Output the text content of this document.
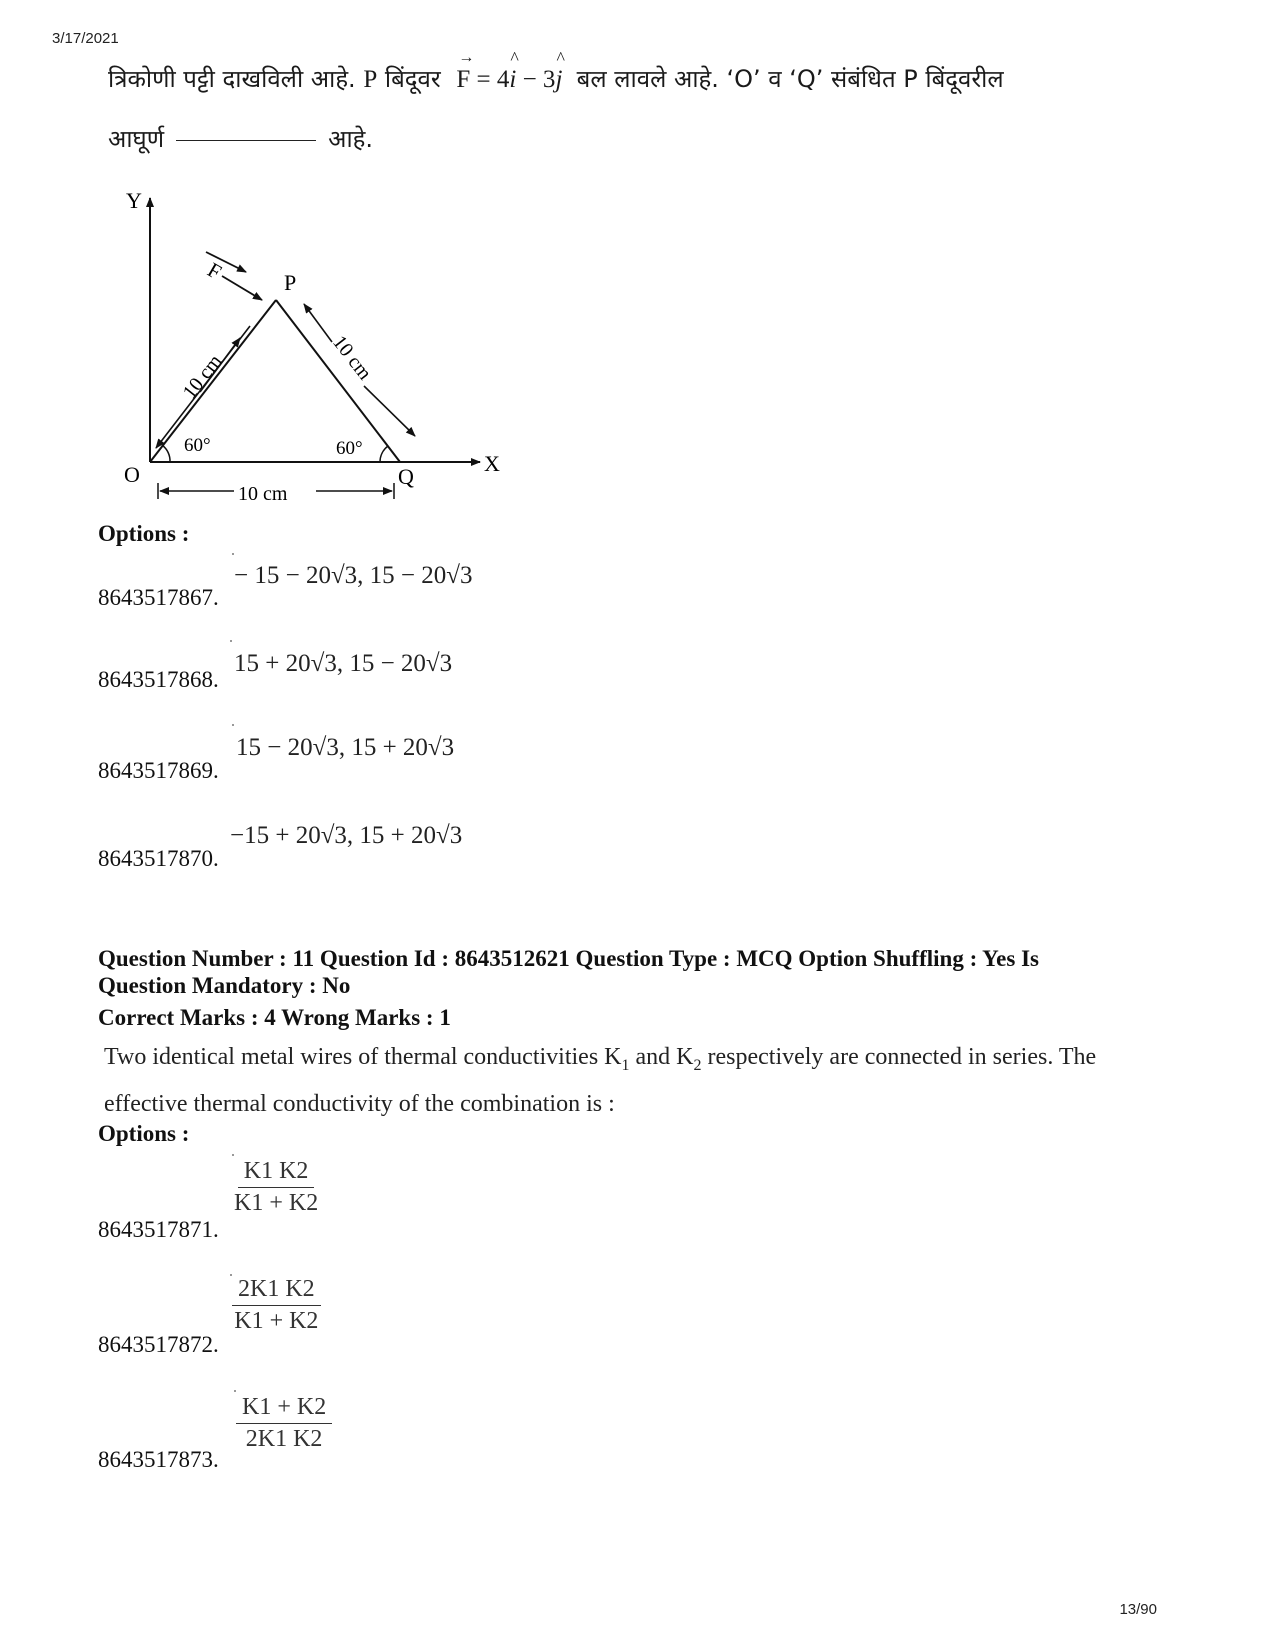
3/17/2021
त्रिकोणी पट्टी दाखविली आहे. P बिंदूवर F → = 4^ i − 3^ j बल लावले आहे. ‘O’ व ‘Q’ संबंधित P बिंदूवरील
आघूर्ण	आहे.
Y
X
O
P
Q
F
10 cm	10 cm
10 cm
60°	60°
Options :
− 15 − 20√3, 15 − 20√3
8643517867.
15 + 20√3, 15 − 20√3
8643517868.
15 − 20√3, 15 + 20√3
8643517869.
−15 + 20√3, 15 + 20√3
8643517870.
Question Number : 11 Question Id : 8643512621 Question Type : MCQ Option Shuffling : Yes Is Question Mandatory : No
Correct Marks : 4 Wrong Marks : 1
Two identical metal wires of thermal conductivities $K_1$ and $K_2$ respectively are connected in series. The effective thermal conductivity of the combination is :
Options :
$\frac{K1 K2}{K1 + K2}$
8643517871.
$\frac{2K1 K2}{K1 + K2}$
8643517872.
$\frac{K1 + K2}{2K1 K2}$
8643517873.
13/90
